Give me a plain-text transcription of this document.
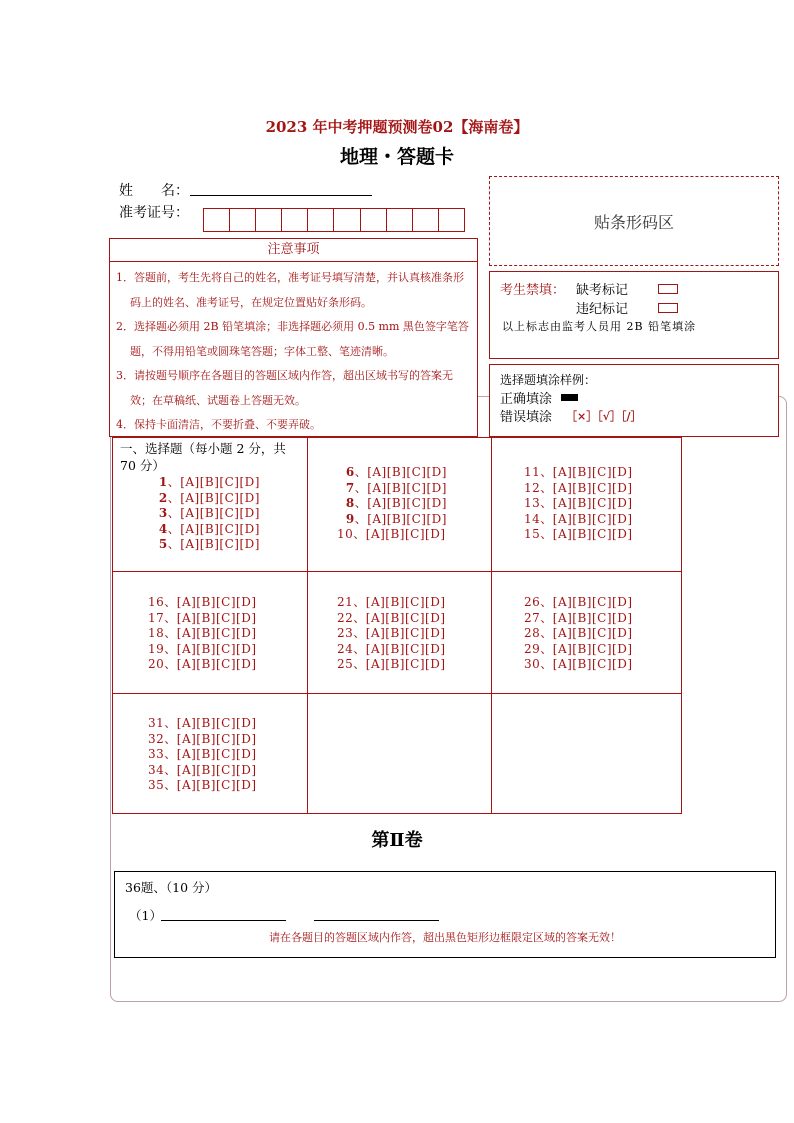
2023 年中考押题预测卷02【海南卷】
地理・答题卡
姓　　名：
准考证号：	贴条形码区
一、选择题（每小题 2 分，共 70 分）
 1、[A][B][C][D]
 2、[A][B][C][D]
 3、[A][B][C][D]
 4、[A][B][C][D]
 5、[A][B][C][D]
 6、[A][B][C][D]
 7、[A][B][C][D]
 8、[A][B][C][D]
 9、[A][B][C][D]
10、[A][B][C][D]
11、[A][B][C][D]
12、[A][B][C][D]
13、[A][B][C][D]
14、[A][B][C][D]
15、[A][B][C][D]
16、[A][B][C][D]
17、[A][B][C][D]
18、[A][B][C][D]
19、[A][B][C][D]
20、[A][B][C][D]
21、[A][B][C][D]
22、[A][B][C][D]
23、[A][B][C][D]
24、[A][B][C][D]
25、[A][B][C][D]
26、[A][B][C][D]
27、[A][B][C][D]
28、[A][B][C][D]
29、[A][B][C][D]
30、[A][B][C][D]
31、[A][B][C][D]
32、[A][B][C][D]
33、[A][B][C][D]
34、[A][B][C][D]
35、[A][B][C][D]
注意事项
1．答题前，考生先将自己的姓名，准考证号填写清楚，并认真核准条形码上的姓名、准考证号，在规定位置贴好条形码。
2．选择题必须用 2B 铅笔填涂；非选择题必须用 0.5 mm 黑色签字笔答题，不得用铅笔或圆珠笔答题；字体工整、笔迹清晰。
3．请按题号顺序在各题目的答题区域内作答，超出区域书写的答案无效；在草稿纸、试题卷上答题无效。
4．保持卡面清洁，不要折叠、不要弄破。
考生禁填： 缺考标记
违纪标记
以上标志由监考人员用 2B 铅笔填涂
选择题填涂样例：
正确填涂
错误填涂 ［×］［√］［/］
第Ⅱ卷
36题、（10 分）
（1）
请在各题目的答题区域内作答，超出黑色矩形边框限定区域的答案无效！
